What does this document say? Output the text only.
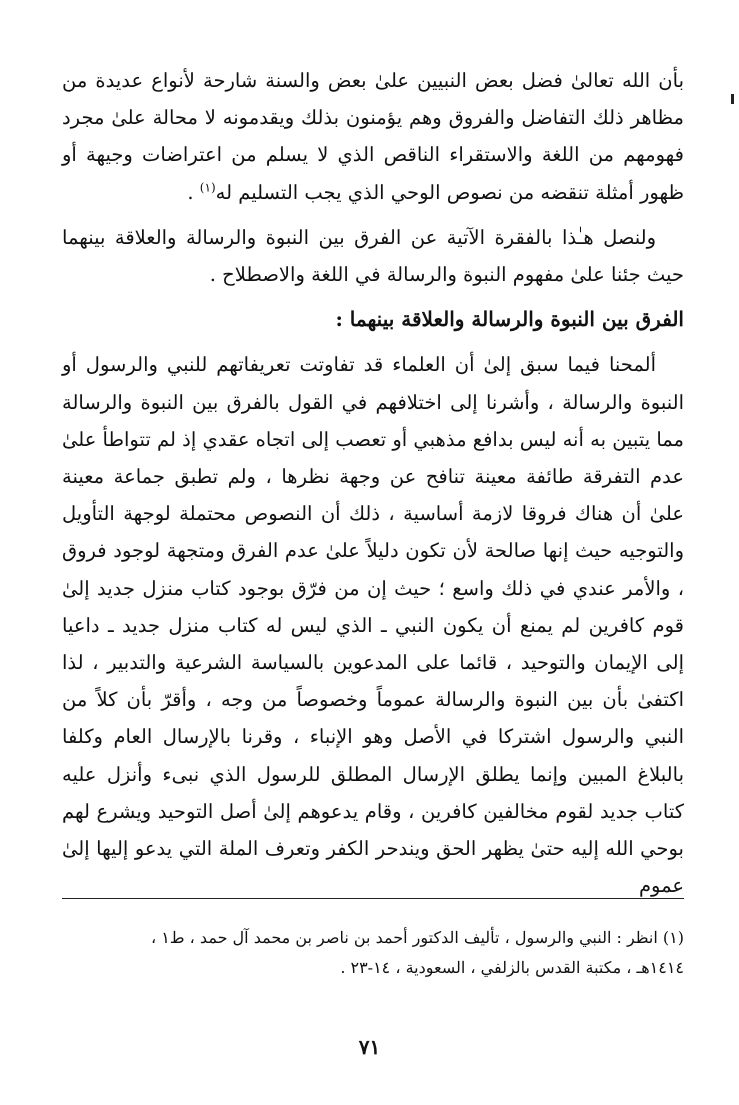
بأن الله تعالىٰ فضل بعض النبيين علىٰ بعض والسنة شارحة لأنواع عديدة من مظاهر ذلك التفاضل والفروق وهم يؤمنون بذلك ويقدمونه لا محالة علىٰ مجرد فهومهم من اللغة والاستقراء الناقص الذي لا يسلم من اعتراضات وجيهة أو ظهور أمثلة تنقضه من نصوص الوحي الذي يجب التسليم له$^{(١)}$ .

ولنصل هـٰذا بالفقرة الآتية عن الفرق بين النبوة والرسالة والعلاقة بينهما حيث جئنا علىٰ مفهوم النبوة والرسالة في اللغة والاصطلاح .

الفرق بين النبوة والرسالة والعلاقة بينهما :

ألمحنا فيما سبق إلىٰ أن العلماء قد تفاوتت تعريفاتهم للنبي والرسول أو النبوة والرسالة ، وأشرنا إلى اختلافهم في القول بالفرق بين النبوة والرسالة مما يتبين به أنه ليس بدافع مذهبي أو تعصب إلى اتجاه عقدي إذ لم تتواطأ علىٰ عدم التفرقة طائفة معينة تنافح عن وجهة نظرها ، ولم تطبق جماعة معينة علىٰ أن هناك فروقا لازمة أساسية ، ذلك أن النصوص محتملة لوجهة التأويل والتوجيه حيث إنها صالحة لأن تكون دليلاً علىٰ عدم الفرق ومتجهة لوجود فروق ، والأمر عندي في ذلك واسع ؛ حيث إن من فرّق بوجود كتاب منزل جديد إلىٰ قوم كافرين لم يمنع أن يكون النبي ـ الذي ليس له كتاب منزل جديد ـ داعيا إلى الإيمان والتوحيد ، قائما على المدعوين بالسياسة الشرعية والتدبير ، لذا اكتفىٰ بأن بين النبوة والرسالة عموماً وخصوصاً من وجه ، وأقرّ بأن كلاً من النبي والرسول اشتركا في الأصل وهو الإنباء ، وقرنا بالإرسال العام وكلفا بالبلاغ المبين وإنما يطلق الإرسال المطلق للرسول الذي نبىء وأنزل عليه كتاب جديد لقوم مخالفين كافرين ، وقام يدعوهم إلىٰ أصل التوحيد ويشرع لهم بوحي الله إليه حتىٰ يظهر الحق ويندحر الكفر وتعرف الملة التي يدعو إليها إلىٰ عموم

(١) انظر : النبي والرسول ، تأليف الدكتور أحمد بن ناصر بن محمد آل حمد ، ط١ ،
١٤١٤هـ ، مكتبة القدس بالزلفي ، السعودية ، ١٤-٢٣ .
٧١
